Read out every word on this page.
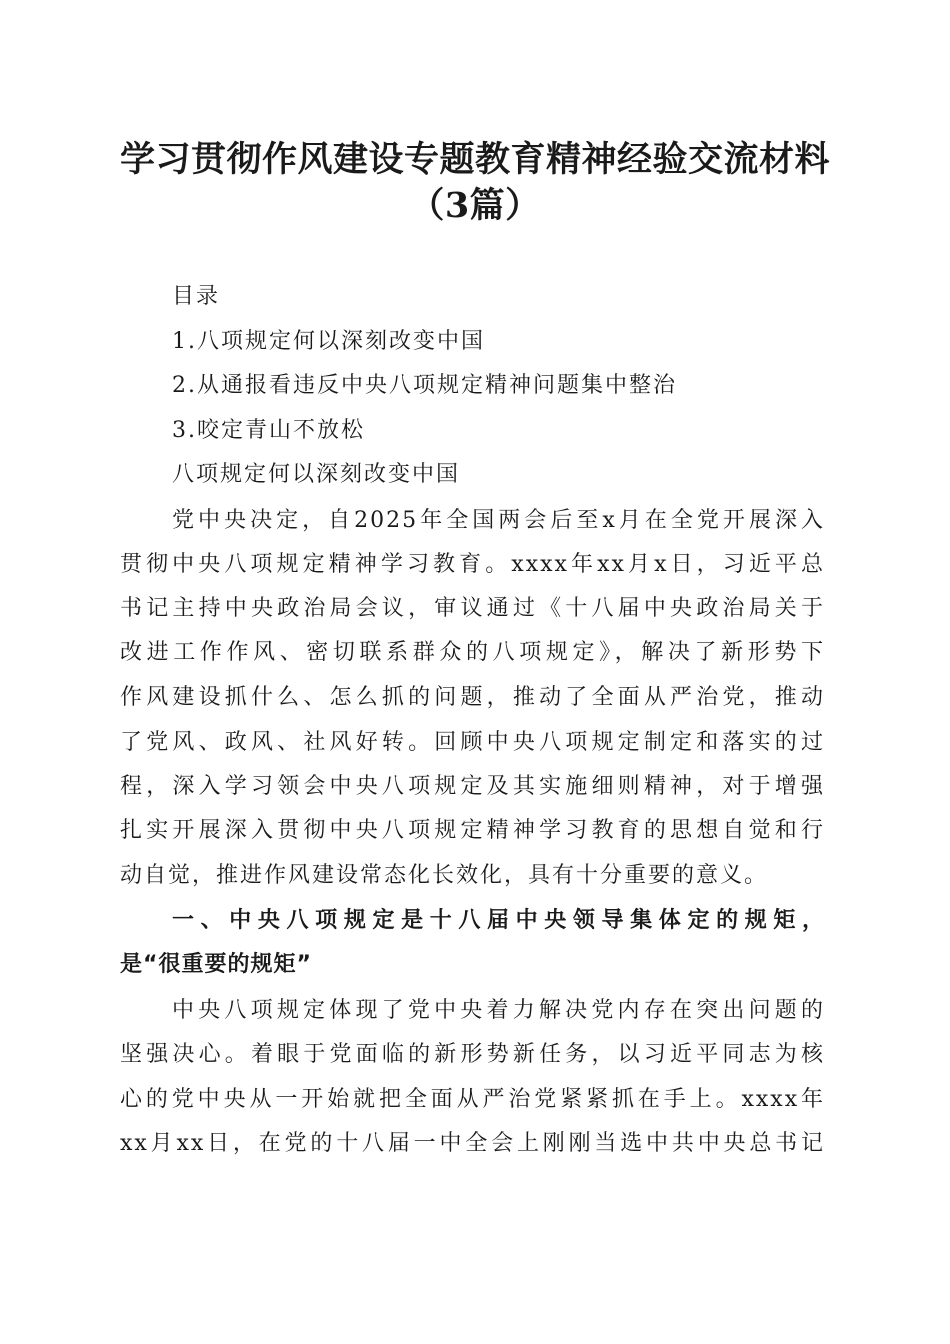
学习贯彻作风建设专题教育精神经验交流材料
（3篇）
目录
1.八项规定何以深刻改变中国
2.从通报看违反中央八项规定精神问题集中整治
3.咬定青山不放松
八项规定何以深刻改变中国
党中央决定，自2025年全国两会后至x月在全党开展深入
贯彻中央八项规定精神学习教育。xxxx年xx月x日，习近平总
书记主持中央政治局会议，审议通过《十八届中央政治局关于
改进工作作风、密切联系群众的八项规定》，解决了新形势下
作风建设抓什么、怎么抓的问题，推动了全面从严治党，推动
了党风、政风、社风好转。回顾中央八项规定制定和落实的过
程，深入学习领会中央八项规定及其实施细则精神，对于增强
扎实开展深入贯彻中央八项规定精神学习教育的思想自觉和行
动自觉，推进作风建设常态化长效化，具有十分重要的意义。
一、中央八项规定是十八届中央领导集体定的规矩，
是“很重要的规矩”
中央八项规定体现了党中央着力解决党内存在突出问题的
坚强决心。着眼于党面临的新形势新任务，以习近平同志为核
心的党中央从一开始就把全面从严治党紧紧抓在手上。xxxx年
xx月xx日，在党的十八届一中全会上刚刚当选中共中央总书记
